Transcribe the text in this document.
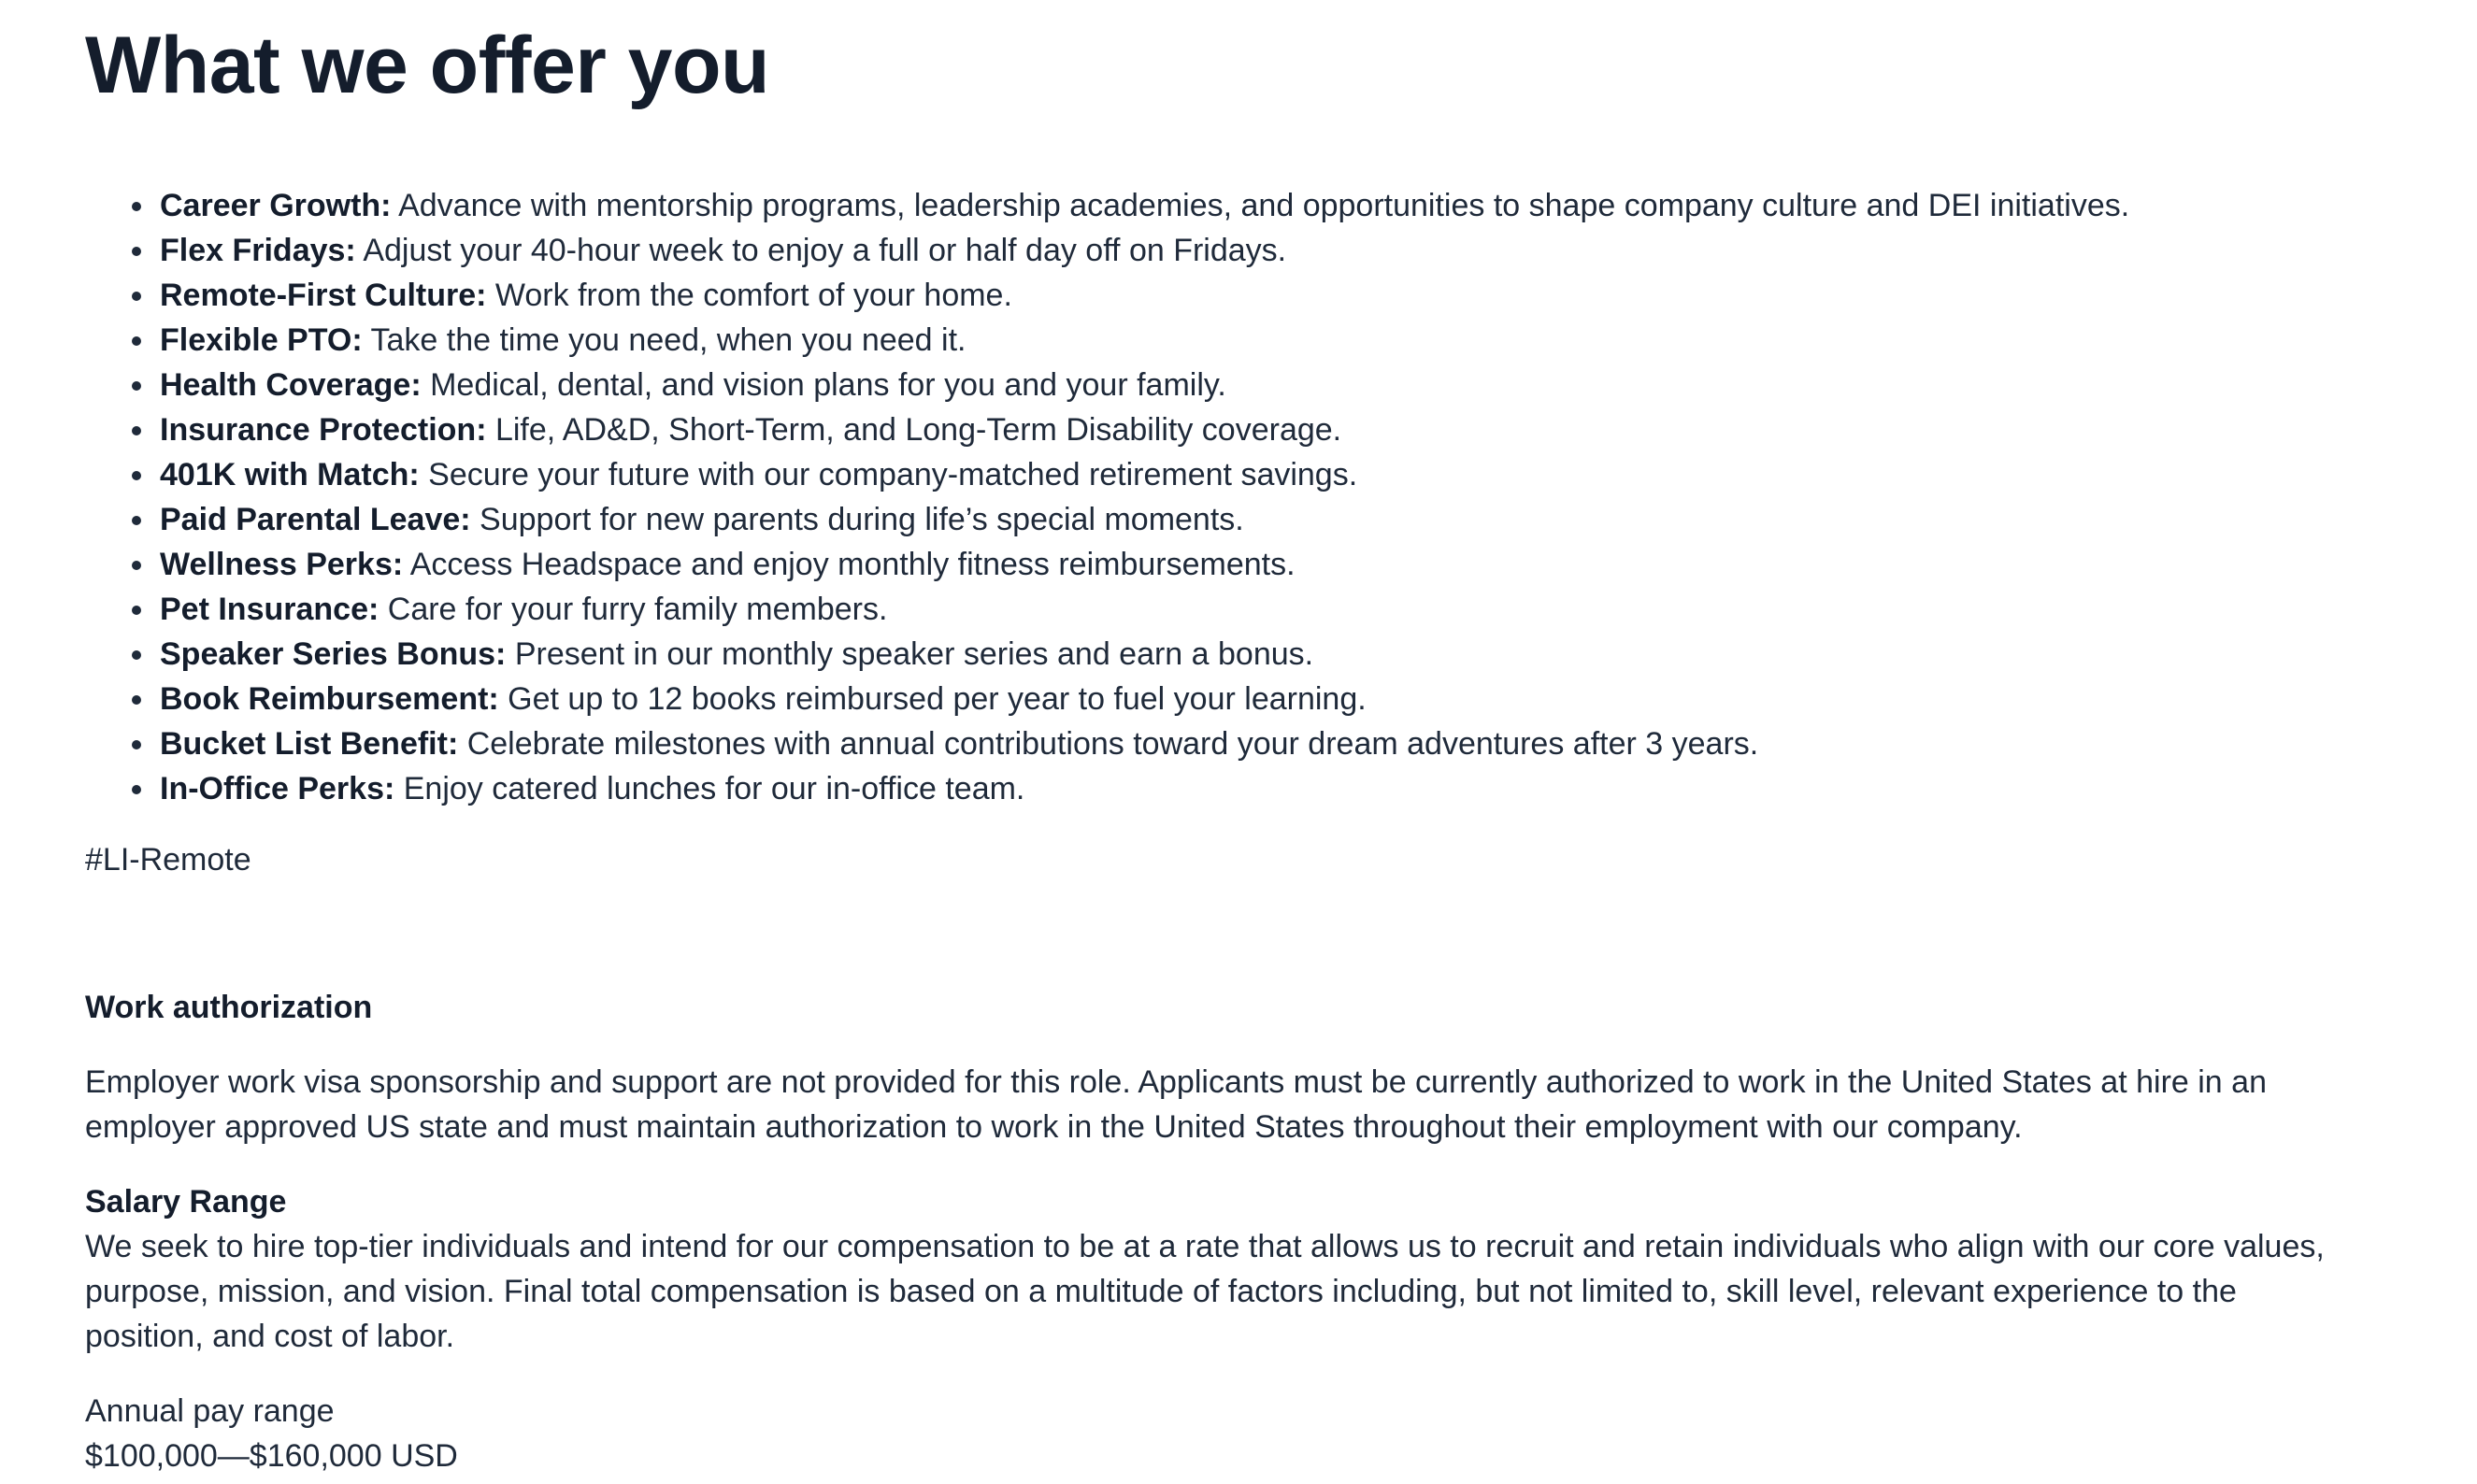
What we offer you
Career Growth: Advance with mentorship programs, leadership academies, and opportunities to shape company culture and DEI initiatives.
Flex Fridays: Adjust your 40-hour week to enjoy a full or half day off on Fridays.
Remote-First Culture: Work from the comfort of your home.
Flexible PTO: Take the time you need, when you need it.
Health Coverage: Medical, dental, and vision plans for you and your family.
Insurance Protection: Life, AD&D, Short-Term, and Long-Term Disability coverage.
401K with Match: Secure your future with our company-matched retirement savings.
Paid Parental Leave: Support for new parents during life’s special moments.
Wellness Perks: Access Headspace and enjoy monthly fitness reimbursements.
Pet Insurance: Care for your furry family members.
Speaker Series Bonus: Present in our monthly speaker series and earn a bonus.
Book Reimbursement: Get up to 12 books reimbursed per year to fuel your learning.
Bucket List Benefit: Celebrate milestones with annual contributions toward your dream adventures after 3 years.
In-Office Perks: Enjoy catered lunches for our in-office team.
#LI-Remote
Work authorization
Employer work visa sponsorship and support are not provided for this role. Applicants must be currently authorized to work in the United States at hire in an employer approved US state and must maintain authorization to work in the United States throughout their employment with our company.
Salary Range
We seek to hire top-tier individuals and intend for our compensation to be at a rate that allows us to recruit and retain individuals who align with our core values, purpose, mission, and vision. Final total compensation is based on a multitude of factors including, but not limited to, skill level, relevant experience to the position, and cost of labor.
Annual pay range
$100,000—$160,000 USD
